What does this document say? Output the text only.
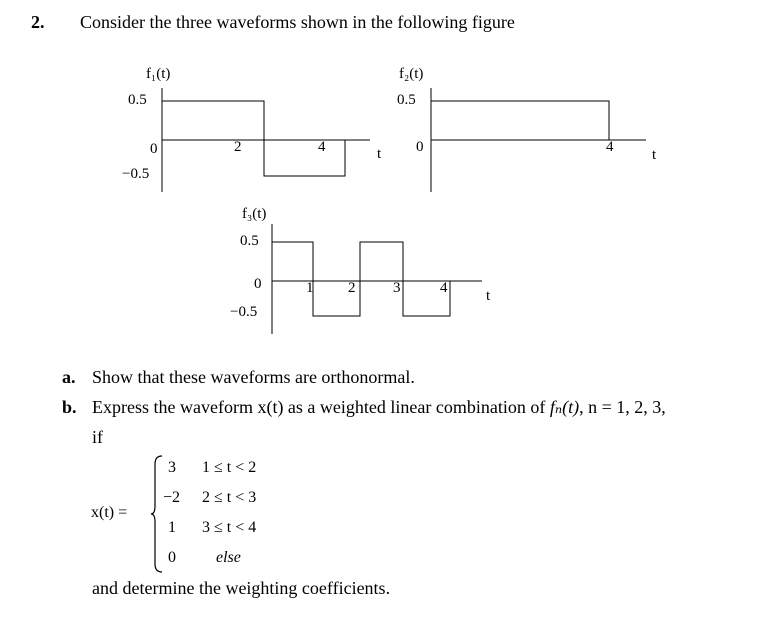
2. Consider the three waveforms shown in the following figure
f₁(t)
0.5
0
−0.5
2	4	t
f₂(t)
0.5
0	4	t
f₃(t)
0.5
0
−0.5
1 2	3	4	t
a. Show that these waveforms are orthonormal.
b. Express the waveform x(t) as a weighted linear combination of fₙ(t), n = 1, 2, 3,
if
x(t) =
3 1 ≤ t < 2
−2 2 ≤ t < 3
1 3 ≤ t < 4
0	else
and determine the weighting coefficients.
